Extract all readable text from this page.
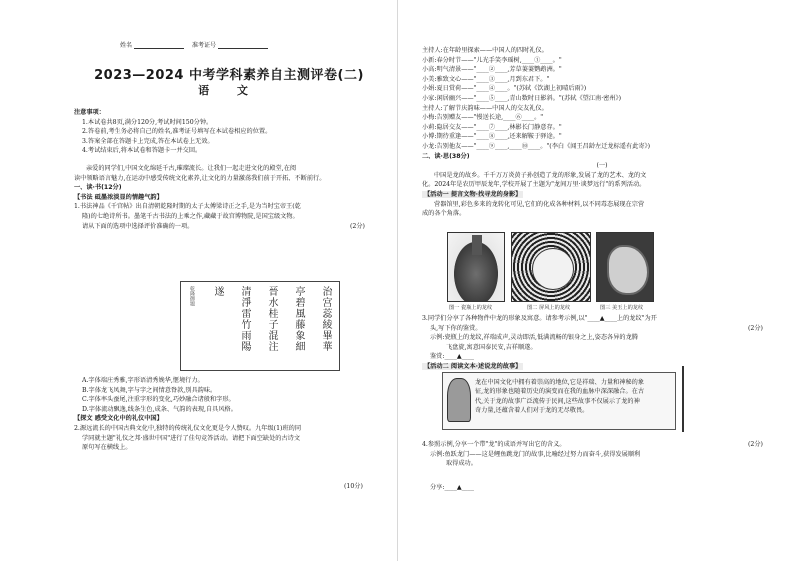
姓名	准考证号
2023—2024 中考学科素养自主测评卷(二)
语 文
注意事项：
1.本试卷共8页,满分120分,考试时间150分钟。
2.答卷前,考生务必将自己的姓名,准考证号填写在本试卷相应的位置。
3.答案全部在答题卡上完成,答在本试卷上无效。
4.考试结束后,将本试卷和答题卡一并交回。
亲爱的同学们,中国文化绵延千古,璀璨流长。让我们一起走进文化的殿堂,在阅
读中领略语言魅力,在运动中感受传统文化素养,让文化的力量激荡我们前于开拓、不断前行。
一、读·书(12分)
【书法 砥墨浓淡显的情趣气韵】
1.书法神品《千宫帖》出自清朝乾隆时期的太子太傅梁诗正之手,是为当时宝帝王(乾
隆)的七绝诗所书。墨笔千古书法的上乘之作,藏藏于故宫博物院,是国宝级文物。
请从下面的选项中选择评价准确的一项。	(2分)
治宫蕊綾畢華
亭碧風藤象細
晉水桂子混注
清淨雷竹雨陽
遂
乾隆御题
A.字体端庄秀雅,字形语清秀娩华,惬境行力。
B.字体龙飞凤舞,字与字之间情意脊款,别具韵味。
C.字体率头蚕尾,注重字形的变化,巧妙融合诸般和字形。
D.字体流动飘逸,线条生色,成条、气韵的表现,自具风格。
【探文 感受文化中的礼仪中国】
2.源远流长的中国古典文化中,独特的传统礼仪文化更是令人赞叹。九年级(1)班的同
学同就主题"礼仪之邦·盛世中国"进行了佳句竞答活动。请把下面空缺处的古诗文
原句写在横线上。
(10分)
主持人:在年龄里探索——中国人的四时礼仪。
小新:春分时节——"儿光手笑李瑶树,____①____。"
小高:明气清景——"____②____,芳草萋萋鹦鹉洲。"
小美:雅致文心——"____③____,月到东君下。"
小娟:夏日赏荷——"____④____。"(苏轼《饮湖上初晴后雨》)
小家:闲居幽兴——"____⑤____,青山数时日影斜。"(苏轼《望江南·密州》)
主持人:了解节庆韵味——中国人的交友礼仪。
小梅:告别赠友——"慢送长途,____⑥____。"
小莉:隐居交友——"____⑦____,林影长门静意存。"
小博:期待重逢——"____⑧____,还来解鞍于驿途。"
小龙:告别他友——"____⑨____,____⑩____。"(李白《闻王昌龄左迁龙标遥有此寄》)
二、读·思(38分)
(一)
中国是龙的故乡。千千万万炎黄子孙创造了龙的形象,发展了龙的艺术、龙的文
化。2024年是农历甲辰龙年,学校开展了主题为"龙间万里·谈梦远行"的系列活动。
【活动一 提言文物·找寻龙的身影】
营器馆里,彩色多来的龙转化可见,它们的化成各种材料,以不同毒态展现在宗营
成的各个角落。
图一 瓷瓶上的龙纹	图二 屏风上的龙纹	图三 美玉上的龙纹
3.同学们分享了各种物件中龙的形象及寓意。请参考示例,以"____▲____上的龙纹"为开
头,写下你的鉴赏。
示例:瓷瓶上的龙纹,祥瑞成声,灵动即活,低满流畅的银身之上,姿态各异的龙腾
飞盘旋,寓意国泰民安,吉祥顺遂。
鉴赏:____▲____
【活动二 阅读文本·述说龙的故事】
(2分)
龙在中国文化中拥有着崇高的地位,它是祥瑞、力量和神秘的象征,龙的形象也随着历史的演变而在我的血脉中深深融合。在古代,关于龙的故事广泛流传于民间,这些故事不仅展示了龙的神奇力量,还蕴含着人们对于龙的无尽敬畏。
4.参照示例,分享一个带"龙"的成语并写出它的含义。
示例:鱼跃龙门——这是鲤鱼跳龙门的故事,比喻经过努力而奋斗,获得发展顺利
取得成功。
分享:____▲____
(2分)
